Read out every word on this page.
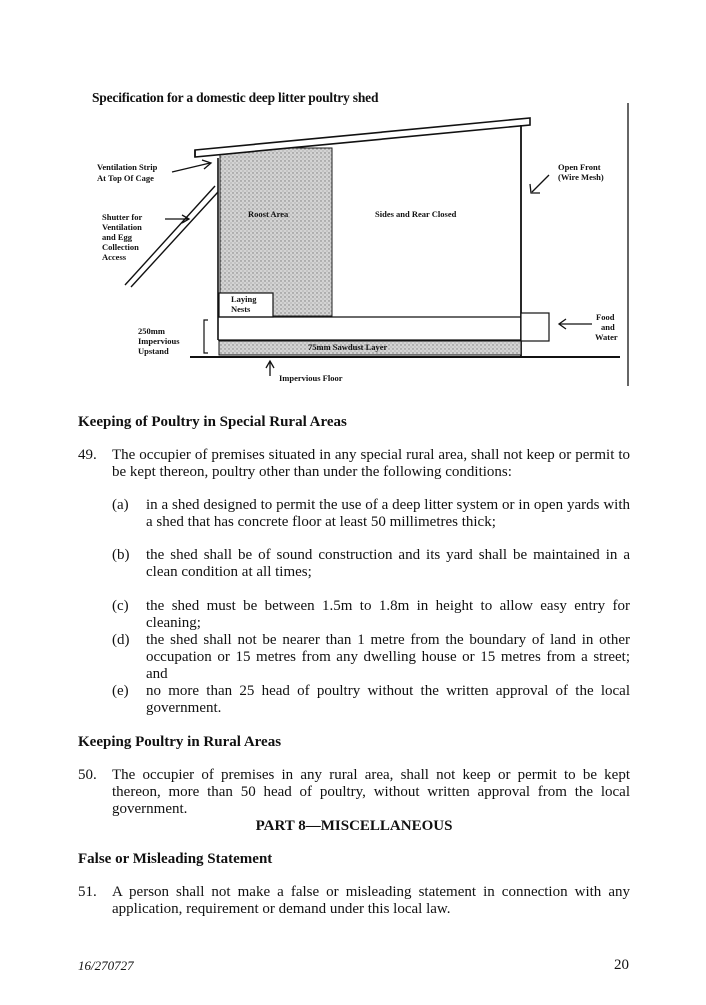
Specification for a domestic deep litter poultry shed
Ventilation Strip
At Top Of Cage
Shutter for
Ventilation
and Egg
Collection
Access
Roost Area	Sides and Rear Closed
Open Front
(Wire Mesh)
Laying
Nests
250mm
Impervious
Upstand	75mm Sawdust Layer
Food
and
Water
Impervious Floor
Keeping of Poultry in Special Rural Areas
49. The occupier of premises situated in any special rural area, shall not keep or permit to be kept thereon, poultry other than under the following conditions:
(a) in a shed designed to permit the use of a deep litter system or in open yards with a shed that has concrete floor at least 50 millimetres thick;
(b) the shed shall be of sound construction and its yard shall be maintained in a clean condition at all times;
(c) the shed must be between 1.5m to 1.8m in height to allow easy entry for cleaning;
(d) the shed shall not be nearer than 1 metre from the boundary of land in other occupation or 15 metres from any dwelling house or 15 metres from a street; and
(e) no more than 25 head of poultry without the written approval of the local government.
Keeping Poultry in Rural Areas
50. The occupier of premises in any rural area, shall not keep or permit to be kept thereon, more than 50 head of poultry, without written approval from the local government.
PART 8—MISCELLANEOUS
False or Misleading Statement
51. A person shall not make a false or misleading statement in connection with any application, requirement or demand under this local law.
16/270727	20
